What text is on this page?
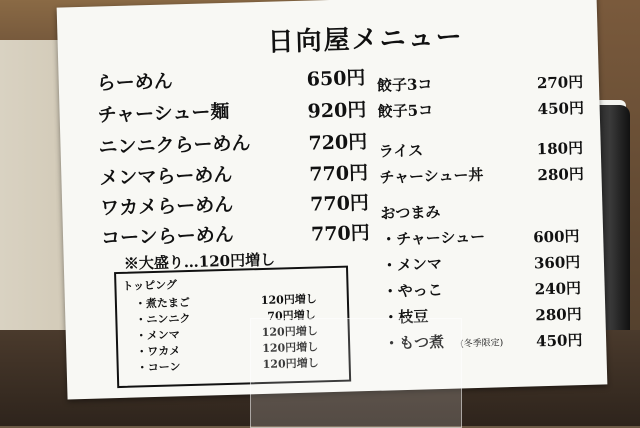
日向屋メニュー
らーめん	650円
チャーシュー麺	920円
ニンニクらーめん	720円
メンマらーめん	770円
ワカメらーめん	770円
コーンらーめん	770円
※大盛り…120円増し
トッピング
・煮たまご	120円増し
・ニンニク	70円増し
・メンマ	120円増し
・ワカメ	120円増し
・コーン	120円増し
餃子3コ	270円
餃子5コ	450円
ライス	180円
チャーシュー丼	280円
おつまみ
・チャーシュー	600円
・メンマ	360円
・やっこ	240円
・枝豆	280円
・もつ煮 (冬季限定) 450円
